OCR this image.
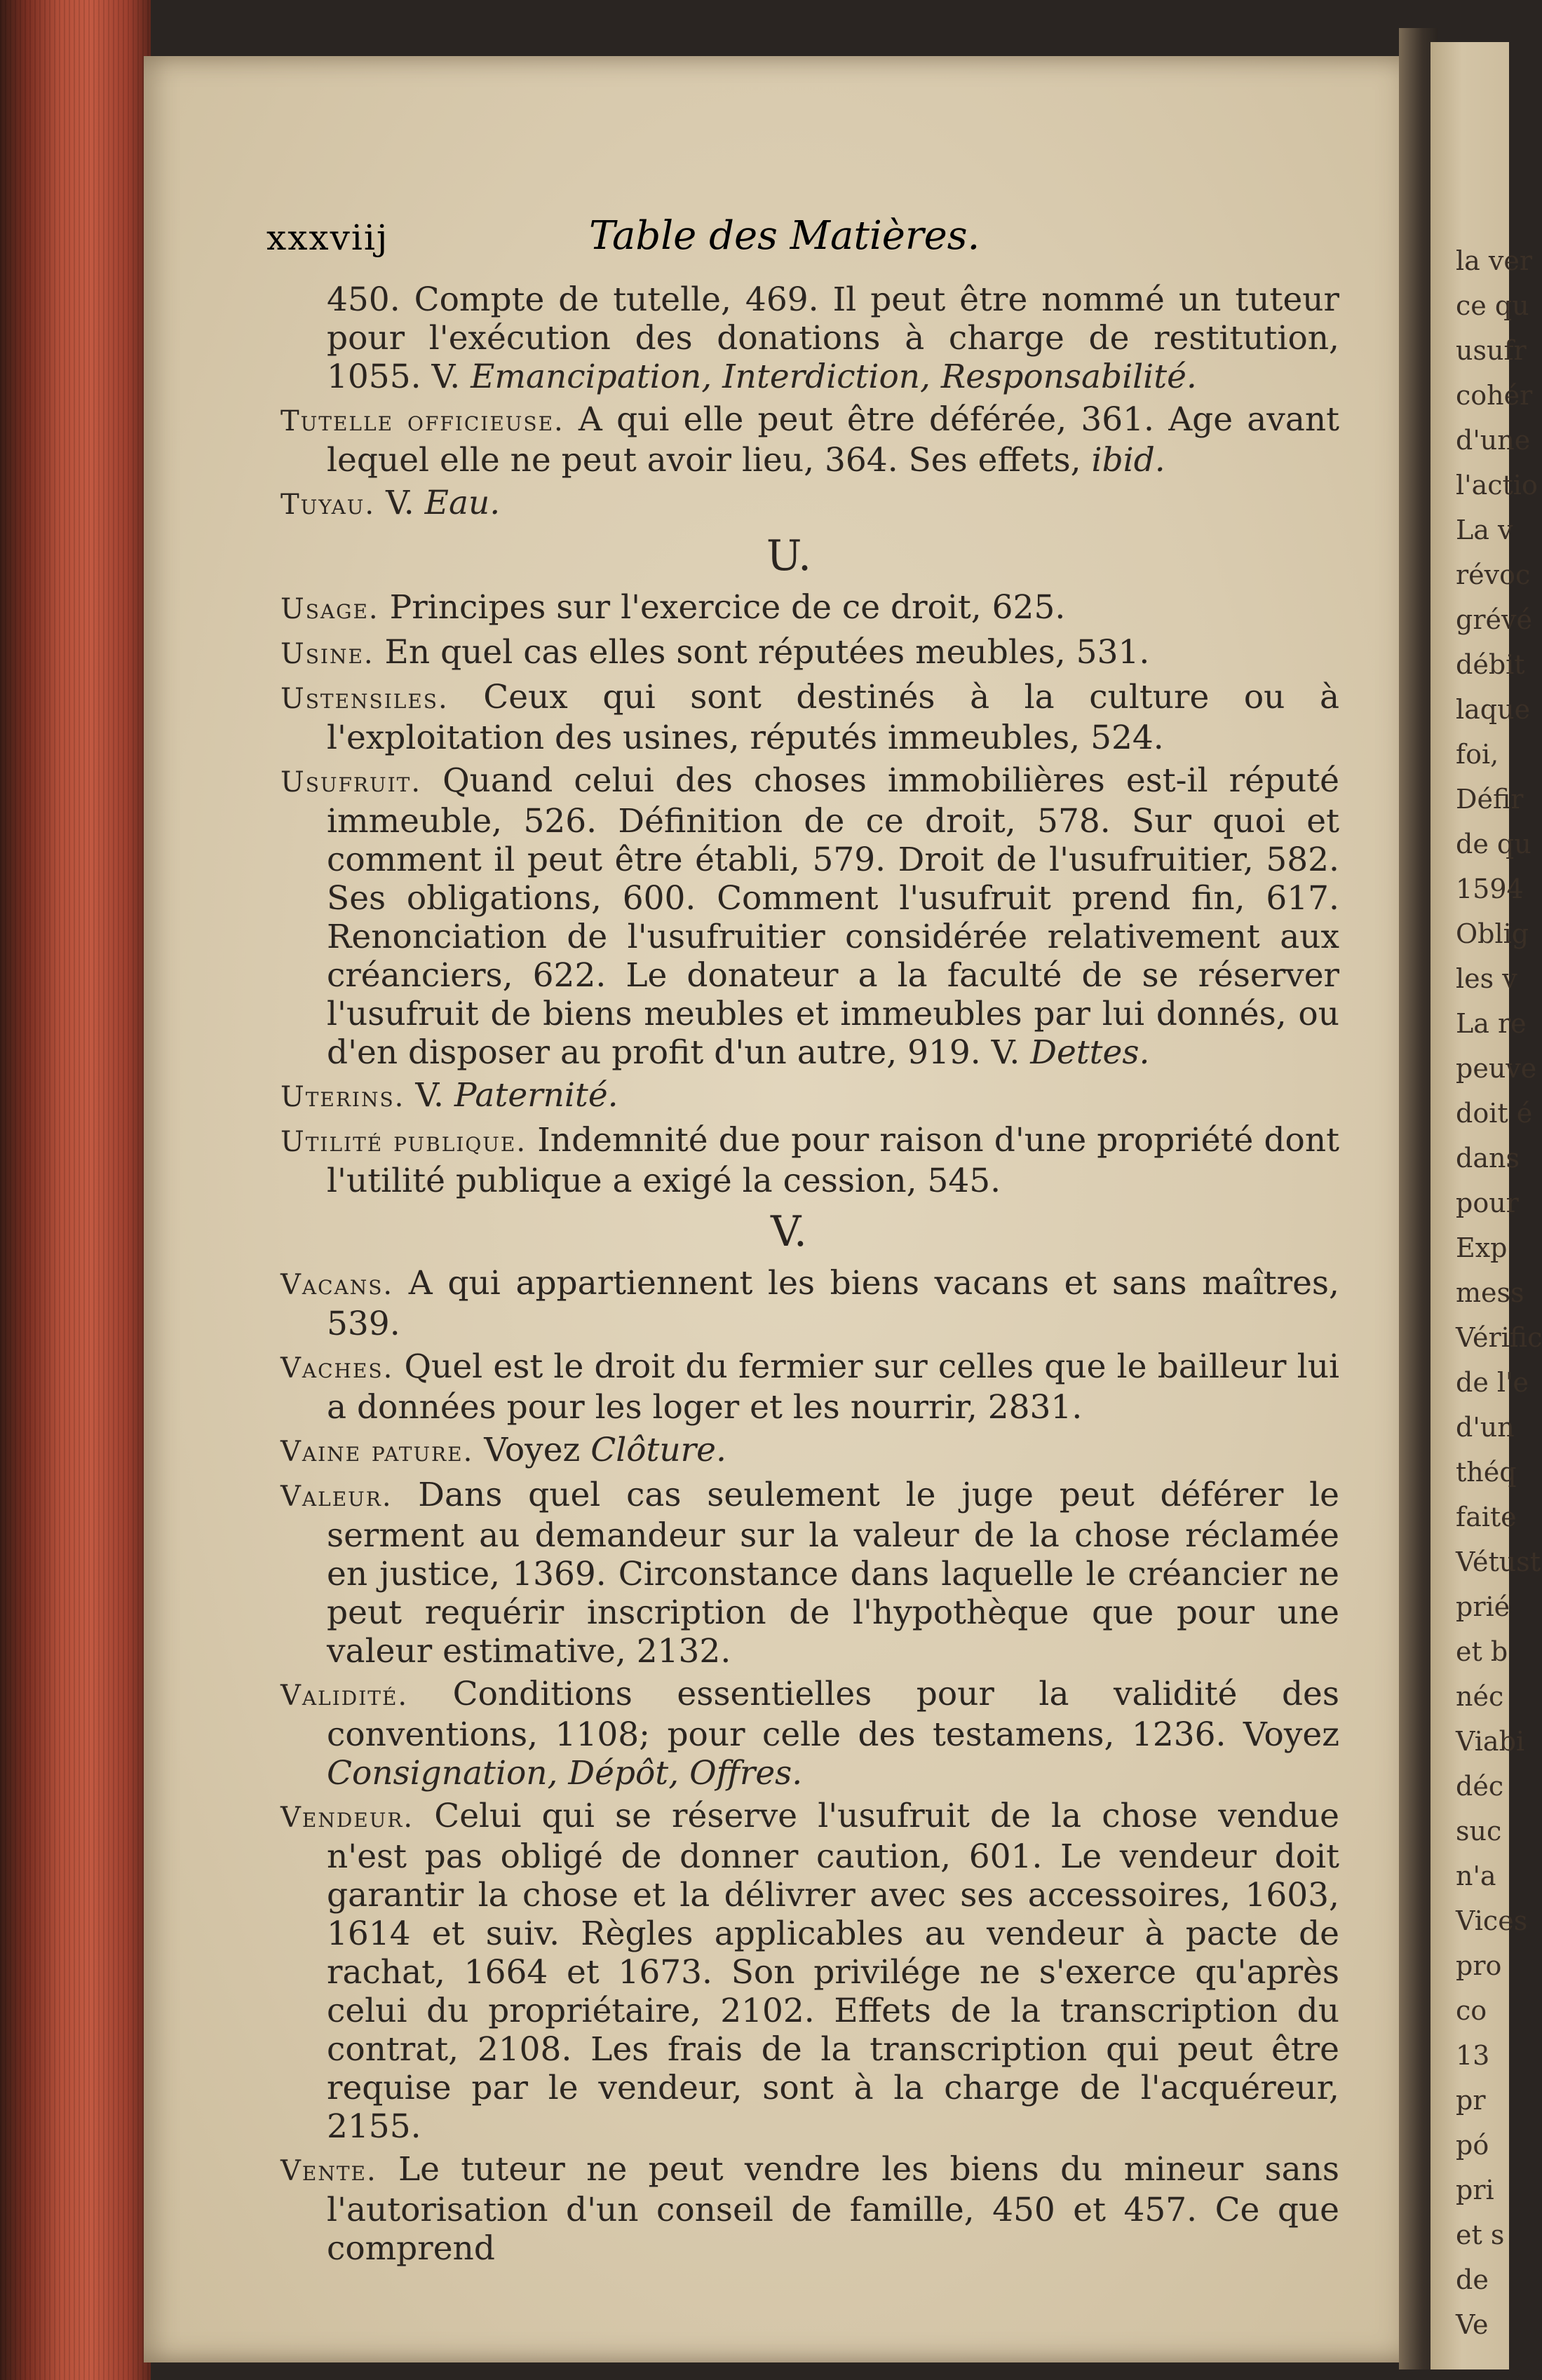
la ver
ce qu
usufr
cohér
d'une
l'actio
La v
révoc
grévé
débit
laque
foi,
Défir
de qu
1594
Oblig
les v
La re
peuve
doit é
dans
pour
Exp
mess
Vérific
de l'e
d'un
théq
faite
Vétust
prié
et b
néc
Viabi
déc
suc
n'a
Vices
pro
co
13
pr
pó
pri
et s
de
Ve
xxxviij	Table des Matières.

450. Compte de tutelle, 469. Il peut être nommé un tuteur pour l'exécution des donations à charge de restitution, 1055. V. Emancipation, Interdiction, Responsabilité.

Tutelle officieuse. A qui elle peut être déférée, 361. Age avant lequel elle ne peut avoir lieu, 364. Ses effets, ibid.

Tuyau. V. Eau.

U.

Usage. Principes sur l'exercice de ce droit, 625.

Usine. En quel cas elles sont réputées meubles, 531.

Ustensiles. Ceux qui sont destinés à la culture ou à l'exploitation des usines, réputés immeubles, 524.

Usufruit. Quand celui des choses immobilières est-il réputé immeuble, 526. Définition de ce droit, 578. Sur quoi et comment il peut être établi, 579. Droit de l'usufruitier, 582. Ses obligations, 600. Comment l'usufruit prend fin, 617. Renonciation de l'usufruitier considérée relativement aux créanciers, 622. Le donateur a la faculté de se réserver l'usufruit de biens meubles et immeubles par lui donnés, ou d'en disposer au profit d'un autre, 919. V. Dettes.

Uterins. V. Paternité.

Utilité publique. Indemnité due pour raison d'une propriété dont l'utilité publique a exigé la cession, 545.

V.

Vacans. A qui appartiennent les biens vacans et sans maîtres, 539.

Vaches. Quel est le droit du fermier sur celles que le bailleur lui a données pour les loger et les nourrir, 2831.

Vaine pature. Voyez Clôture.

Valeur. Dans quel cas seulement le juge peut déférer le serment au demandeur sur la valeur de la chose réclamée en justice, 1369. Circonstance dans laquelle le créancier ne peut requérir inscription de l'hypothèque que pour une valeur estimative, 2132.

Validité. Conditions essentielles pour la validité des conventions, 1108; pour celle des testamens, 1236. Voyez Consignation, Dépôt, Offres.

Vendeur. Celui qui se réserve l'usufruit de la chose vendue n'est pas obligé de donner caution, 601. Le vendeur doit garantir la chose et la délivrer avec ses accessoires, 1603, 1614 et suiv. Règles applicables au vendeur à pacte de rachat, 1664 et 1673. Son privilége ne s'exerce qu'après celui du propriétaire, 2102. Effets de la transcription du contrat, 2108. Les frais de la transcription qui peut être requise par le vendeur, sont à la charge de l'acquéreur, 2155.

Vente. Le tuteur ne peut vendre les biens du mineur sans l'autorisation d'un conseil de famille, 450 et 457. Ce que comprend
